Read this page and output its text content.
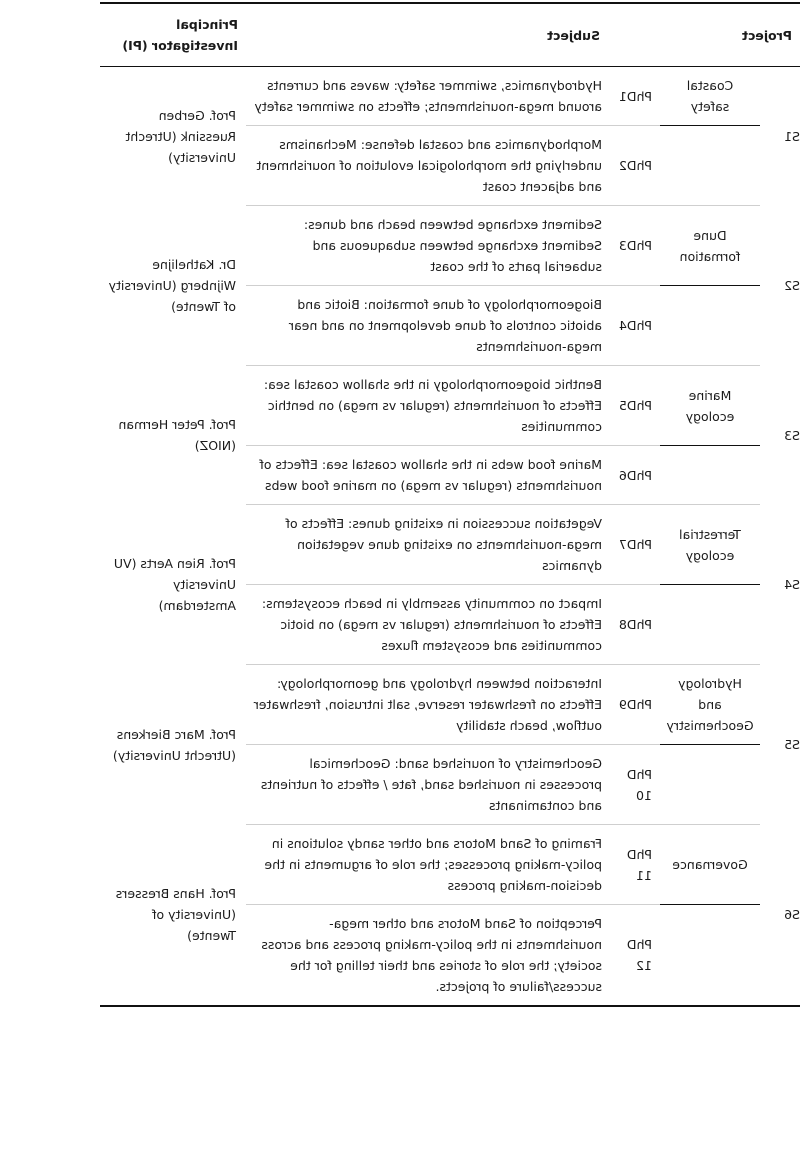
Project		Subject		Principal Investigator (PI)
S1	Coastal safety	PhD1	Hydrodynamics, swimmer safety: waves and currents around mega-nourishments; effects on swimmer safety	Prof. Gerben Ruessink (Utrecht University)
		PhD2	Morphodynamics and coastal defense: Mechanisms underlying the morphological evolution of nourishment and adjacent coast	
S2	Dune formation	PhD3	Sediment exchange between beach and dunes: Sediment exchange between subaqueous and subaerial parts of the coast	Dr. Kathelijne Wijnberg (University of Twente)
		PhD4	Biogeomorphology of dune formation: Biotic and abiotic controls of dune development on and near mega-nourishments	
S3	Marine ecology	PhD5	Benthic biogeomorphology in the shallow coastal sea: Effects of nourishments (regular vs mega) on benthic communities	Prof. Peter Herman (NIOZ)
		PhD6	Marine food webs in the shallow coastal sea: Effects of nourishments (regular vs mega) on marine food webs	
S4	Terrestrial ecology	PhD7	Vegetation succession in existing dunes: Effects of mega-nourishments on existing dune vegetation dynamics	Prof. Rien Aerts (VU University Amsterdam)
		PhD8	Impact on community assembly in beach ecosystems: Effects of nourishments (regular vs mega) on biotic communities and ecosystem fluxes	
S5	Hydrology and Geochemistry	PhD9	Interaction between hydrology and geomorphology: Effects on freshwater reserve, salt intrusion, freshwater outflow, beach stability	Prof. Marc Bierkens (Utrecht University)
		PhD 10	Geochemistry of nourished sand: Geochemical processes in nourished sand, fate / effects of nutrients and contaminants	
S6	Governance	PhD 11	Framing of Sand Motors and other sandy solutions in policy-making processes; the role of arguments in the decision-making process	Prof. Hans Bressers (University of Twente)
		PhD 12	Perception of Sand Motors and other mega-nourishments in the policy-making process and across society; the role of stories and their telling for the success/failure of projects.	
